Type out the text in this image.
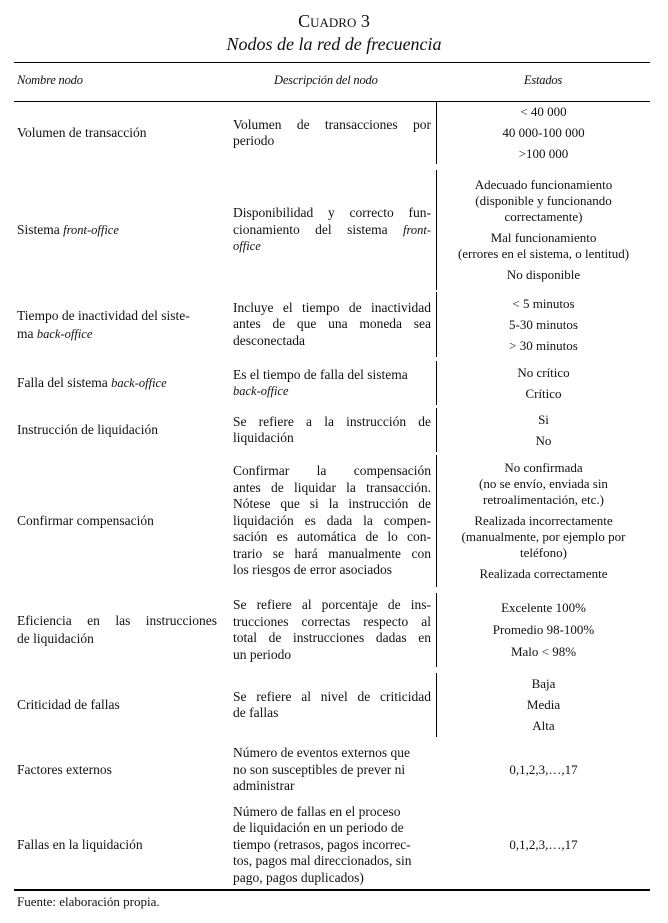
Cuadro 3
Nodos de la red de frecuencia
Nombre nodo	Descripción del nodo	Estados
Volumen de transacción
Volumen de transacciones por
periodo
< 40 000
40 000-100 000
>100 000
Sistema front-office
Disponibilidad y correcto fun-
cionamiento del sistema front-
office
Adecuado funcionamiento
(disponible y funcionando
correctamente)
Mal funcionamiento
(errores en el sistema, o lentitud)
No disponible
Tiempo de inactividad del siste-
ma back-office
Incluye el tiempo de inactividad
antes de que una moneda sea
desconectada
< 5 minutos
5-30 minutos
> 30 minutos
Falla del sistema back-office
Es el tiempo de falla del sistema
back-office
No crítico
Crítico
Instrucción de liquidación
Se refiere a la instrucción de
liquidación
Si
No
Confirmar compensación
Confirmar la compensación
antes de liquidar la transacción.
Nótese que si la instrucción de
liquidación es dada la compen-
sación es automática de lo con-
trario se hará manualmente con
los riesgos de error asociados
No confirmada
(no se envío, enviada sin
retroalimentación, etc.)
Realizada incorrectamente
(manualmente, por ejemplo por
teléfono)
Realizada correctamente
Eficiencia en las instrucciones
de liquidación
Se refiere al porcentaje de ins-
trucciones correctas respecto al
total de instrucciones dadas en
un periodo
Excelente 100%
Promedio 98-100%
Malo < 98%
Criticidad de fallas
Se refiere al nivel de criticidad
de fallas
Baja
Media
Alta
Factores externos
Número de eventos externos que
no son susceptibles de prever ni
administrar
0,1,2,3,…,17
Fallas en la liquidación
Número de fallas en el proceso
de liquidación en un periodo de
tiempo (retrasos, pagos incorrec-
tos, pagos mal direccionados, sin
pago, pagos duplicados)
0,1,2,3,…,17
Fuente: elaboración propia.
